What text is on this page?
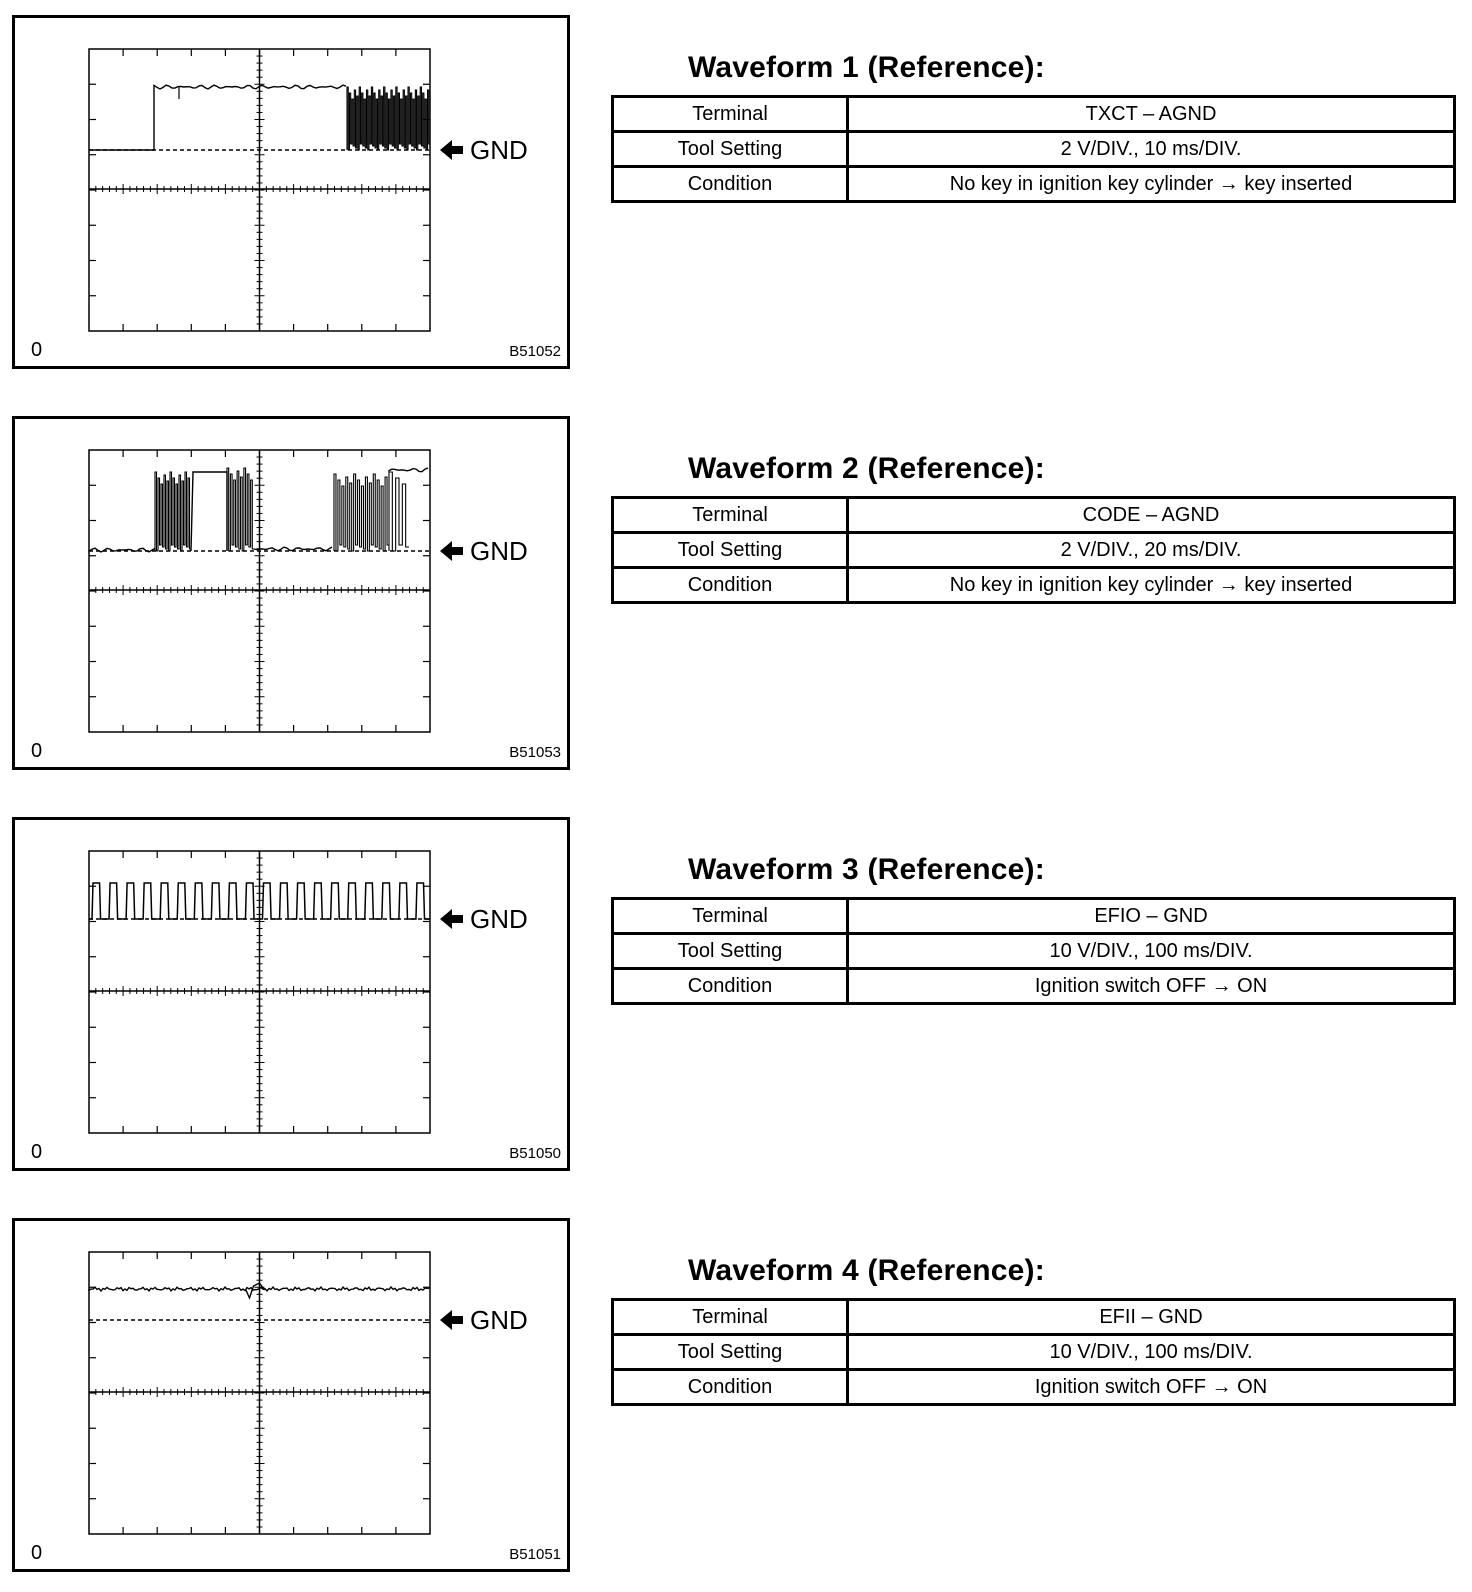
GND
0	B51052
Waveform 1 (Reference):
Terminal	TXCT – AGND
Tool Setting	2 V/DIV., 10 ms/DIV.
Condition	No key in ignition key cylinder → key inserted
GND
0	B51053
Waveform 2 (Reference):
Terminal	CODE – AGND
Tool Setting	2 V/DIV., 20 ms/DIV.
Condition	No key in ignition key cylinder → key inserted
GND
0	B51050
Waveform 3 (Reference):
Terminal	EFIO – GND
Tool Setting	10 V/DIV., 100 ms/DIV.
Condition	Ignition switch OFF → ON
GND
0	B51051
Waveform 4 (Reference):
Terminal	EFII – GND
Tool Setting	10 V/DIV., 100 ms/DIV.
Condition	Ignition switch OFF → ON
